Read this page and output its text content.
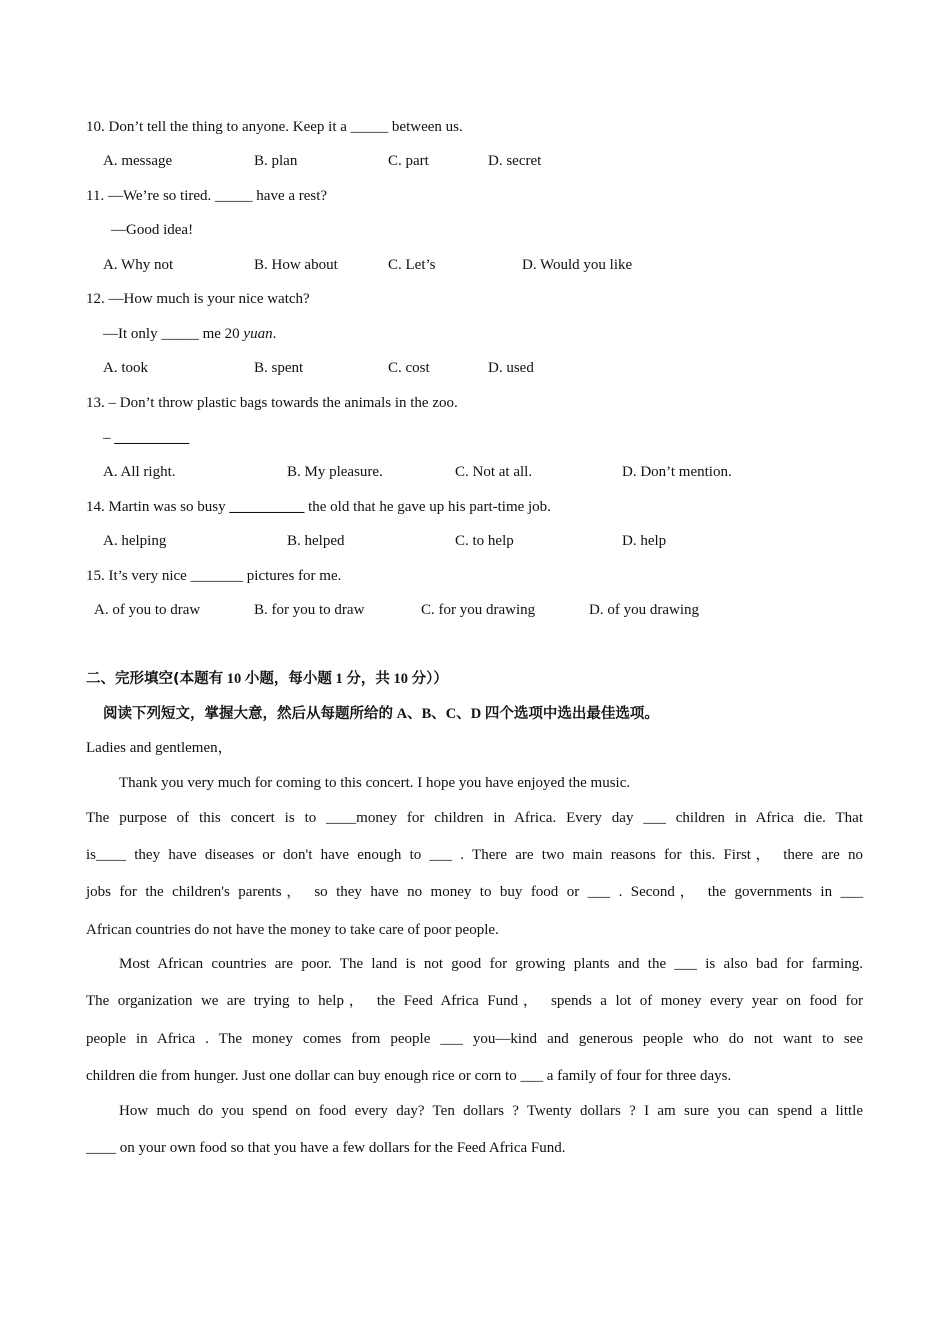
10. Don’t tell the thing to anyone. Keep it a _____ between us.
A. message	B. plan	C. part	D. secret
11. —We’re so tired. _____ have a rest?
—Good idea!
A. Why not	B. How about	C. Let’s	D. Would you like
12. —How much is your nice watch?
—It only _____ me 20 yuan.
A. took	B. spent	C. cost	D. used
13. – Don’t throw plastic bags towards the animals in the zoo.
– __________
A. All right.	B. My pleasure.	C. Not at all.	D. Don’t mention.
14. Martin was so busy __________ the old that he gave up his part-time job.
A. helping	B. helped	C. to help	D. help
15. It’s very nice _______ pictures for me.
A. of you to draw	B. for you to draw	C. for you drawing	D. of you drawing
二、完形填空(本题有 10 小题，每小题 1 分，共 10 分））
阅读下列短文，掌握大意，然后从每题所给的 A、B、C、D 四个选项中选出最佳选项。
Ladies and gentlemen，
Thank you very much for coming to this concert. I hope you have enjoyed the music.
The purpose of this concert is to ____money for children in Africa. Every day ___ children in Africa die. That
is____ they have diseases or don't have enough to ___ . There are two main reasons for this. First， there are no
jobs for the children's parents， so they have no money to buy food or ___ . Second， the governments in ___
African countries do not have the money to take care of poor people.
Most African countries are poor. The land is not good for growing plants and the ___ is also bad for farming.
The organization we are trying to help， the Feed Africa Fund， spends a lot of money every year on food for
people in Africa . The money comes from people ___ you—kind and generous people who do not want to see
children die from hunger. Just one dollar can buy enough rice or corn to ___ a family of four for three days.
How much do you spend on food every day? Ten dollars ? Twenty dollars ? I am sure you can spend a little
____ on your own food so that you have a few dollars for the Feed Africa Fund.
